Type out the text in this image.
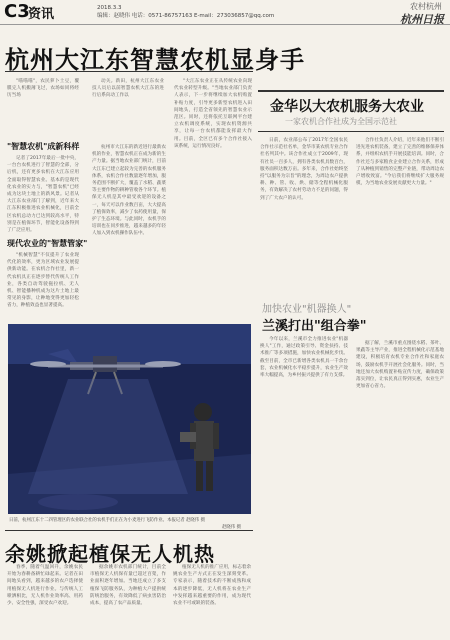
C3
资讯	2018.3.3
编辑：赵晓伟 电话：0571-86757163 E-mail：273036857@qq.com
农村杭州
杭州日报
杭州大江东智慧农机显身手

"喵喵喵"，农民萝卜土豆，覆膜完人机搬薄飞过，农场如同将经历当场

动关。新田，杭州大江东农业技人员后以前智慧农机大江东的进行后系向动工作以

"智慧农机"成新科样

记者了2017年最后一批中央，一台台农机进行了智慧的全部，分后机，还有更多农机在大江东应用全面取得智慧农业。基本的是现代化农业的实力与，"智慧农机"已经成为这块土地上的新风景。记者从大江东农业部门了解到，近年来大江东积极推进农业机械化，目前全区农机总动力已达到较高水平，特别是在植保环节，智能化设备得到了广泛应用。

现代农业的"智慧管家"

"机械智慧"不仅提升了农业现代化的效率，更为区域农业发展提供新动能。在农机合作社里，新一代农机具正在逐步替代传统人工作业，各类自动驾驶拖拉机、无人机、智能播种机成为这片土地上最常见的身影，让种地变得更加轻松省力，种植效益也显著提高。

杭州市大江东的新近进行最新农机的作业，智慧农机正在成为新的生产力量。据当地农业部门统计，目前大江东已建立起较为完善的农机服务体系，农机合作社数量逐年增加，服务范围不断扩大，覆盖了水稻、蔬菜等主要作物的耕种管收各个环节。植保无人机是其中最受欢迎的设备之一，每天可以作业数百亩，大大提高了植保效率，减少了农药使用量，保护了生态环境。与此同时，农机手的培训也在同步推进，越来越多的年轻人加入到农机操作队伍中。

"大江东农业正在从传统农业向现代农业转型升级。"当地农业部门负责人表示，下一步将继续加大农机购置补贴力度，引导更多新型农机进入田间地头，打造全省领先的智慧农业示范区。同时，还将依托互联网平台建立农机调度系统，实现农机资源共享，让每一台农机都能发挥最大作用。目前，全区已有多个合作社接入该系统，运行情况良好。

日前，杭州江东十二四管理区的农业联合社的农机手们正在为小麦进行飞防作业。本报记者 赵晓伟 摄
赵晓伟 摄
余姚掀起植保无人机热

春季，随着气温回升，余姚农民开始为春耕备耕忙碌起来。记者在田间地头看到，越来越多的农户选择使用植保无人机进行作业。与传统人工喷洒相比，无人机作业效率高、用药少、安全性强，深受农户欢迎。

据余姚市农机部门统计，目前全市植保无人机保有量已超过百架，作业面积逐年增加。当地还成立了多支植保飞防服务队，为种植大户提供统防统治服务，有效降低了病虫害防治成本，提高了农产品质量。

植保无人机的推广应用，标志着余姚农业生产方式正在发生深刻变革。专家表示，随着技术的不断成熟和成本的逐步降低，无人机将在农业生产中发挥越来越重要的作用，成为现代农业不可或缺的装备。

金华以大农机服务大农业
一家农机合作社成为全国示范社

日前，农业部公布了2017年全国农民合作社示范社名单，金华市某农机专业合作社名列其中。该合作社成立于2009年，现有社员一百多人，拥有各类农机具数百台，服务面积达数万亩。多年来，合作社始终坚持"以服务为宗旨"的理念，为周边农户提供耕、种、管、收、烘、储等全程机械化服务，有效解决了农村劳动力不足的问题，得到了广大农户的认可。

合作社负责人介绍，近年来他们不断引进先进农机装备，建立了完善的维修保养体系，并组织农机手开展技能培训。同时，合作社还与多家粮食企业建立合作关系，形成了从种植到销售的完整产业链，带动周边农户增收致富。"今后我们将继续扩大服务规模，为当地农业发展贡献更大力量。"

加快农业"机器换人"
兰溪打出"组合拳"

今年以来，兰溪市全力推进农业"机器换人"工作，通过政策引导、资金扶持、技术推广等多项措施，加快农业机械化步伐。截至目前，全市已新增各类农机具一千余台套，农业机械化水平稳步提升，农业生产效率大幅提高，为乡村振兴提供了有力支撑。

据了解，兰溪市重点围绕水稻、茶叶、果蔬等主导产业，推进全程机械化示范基地建设，积极培育农机专业合作社和家庭农场，鼓励农机手开展社会化服务。同时，当地还加大农机购置补贴宣传力度，确保政策落实到位，让农民真正得到实惠，农业生产更加省心省力。
